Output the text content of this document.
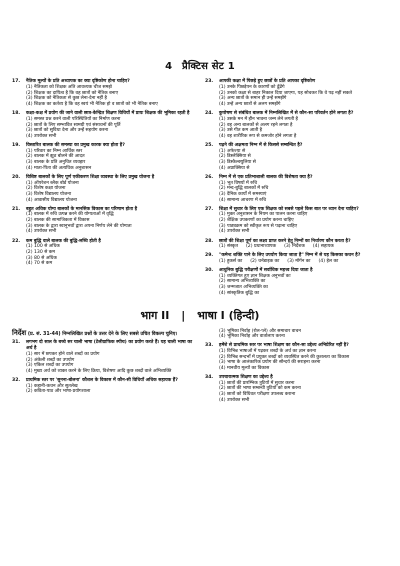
4 प्रैक्टिस सेट 1
17.	नैतिक मूल्यों के प्रति अध्यापक का क्या दृष्टिकोण होना चाहिए?
(1) नैतिकता को शिक्षक अति आवश्यक चीज समझे
(2) शिक्षक का दायित्व है कि वह छात्रों को नैतिक बनाए
(3) शिक्षक को नैतिकता से कुछ लेना-देना नहीं है
(4) शिक्षक का कर्तव्य है कि वह स्वयं भी नैतिक हो व छात्रों को भी नैतिक बनाए
18.	कक्षा-कक्ष में प्रयोग की जाने वाली छात्र-केन्द्रित शिक्षण विधियों में प्रायः शिक्षक की भूमिका रहती है
(1) समस्त प्रश्न करने वाली परिस्थितियों का निर्माण करना
(2) छात्रों के लिए सम्भावित सामग्री एवं संसाधनों की पूर्ति
(3) छात्रों को सुविधा देना और उन्हें सहयोग करना
(4) उपरोक्त सभी
19.	विस्तारित बालक की समस्या का प्रमुख कारक क्या होता है?
(1) परिवार का निम्न आर्थिक स्तर
(2) बालक में झूठ बोलने की आदत
(3) बालक के प्रति अनुचित व्यवहार
(4) माता-पिता की अत्यधिक अनुशासन
20.	विशिष्ट बालकों के लिए पूर्ण एकीकरण शिक्षा व्यवस्था के लिए प्रमुख योजना है
(1) ऑपरेशन ब्लैक बोर्ड योजना
(2) विशेष कक्षा योजना
(3) विशेष विद्यालय योजना
(4) आवासीय विद्यालय योजना
21.	बहुत अधिक योग्य बालकों के मानसिक विकास का परिणाम होता है
(1) बालक में रुचि उत्पन्न करने की योग्यताओं में वृद्धि
(2) बालक की सामाजिकता में विकास
(3) बालक के द्वारा स्वानुभवों द्वारा अपना निर्णय लेने की योग्यता
(4) उपरोक्त सभी
22.	कम बुद्धि वाले बालक की बुद्धि-लब्धि होती है
(1) 100 से अधिक
(2) 130 से कम
(3) 80 से अधिक
(4) 70 से कम
23.	आपकी कक्षा में पिछड़े हुए छात्रों के प्रति आपका दृष्टिकोण
(1) उनके पिछड़ेपन के कारणों को ढूँढेंगे
(2) उनको कक्षा से बाहर निकाल दिया जाएगा, यह सोचकर कि वे पढ़ नहीं सकते
(3) अन्य छात्रों के समान ही उन्हें समझेंगे
(4) उन्हें अन्य छात्रों से अलग समझेंगे
24.	कुपोषण से संबंधित बालक में निम्नलिखित में से कौन-सा परिवर्तन होने लगता है?
(1) उसके मन में हीन भावना जन्म लेने लगती है
(2) वह अन्य बालकों से अलग रहने लगता है
(3) उसे गीत कम आती है
(4) वह शारीरिक रूप से कमजोर होने लगता है
25.	पढ़ने की अक्षमता निम्न में से किससे सम्बन्धित है?
(1) अफेज्या से
(2) डिस्लेक्सिया से
(3) डिस्कैल्क्युलिया से
(4) अप्राक्सिया से
26.	निम्न में से एक प्रतिभाशाली बालक की विशेषता क्या है?
(1) भूत विषयों में रुचि
(2) मन्द-बुद्धि बालकों में रुचि
(3) दैनिक कार्यों में समस्याएं
(4) सामान्य आचरण में रुचि
27.	शिक्षा में सुधार के लिए एक शिक्षक को सबसे पहले किस बात पर ध्यान देना चाहिए?
(1) मुक्त अनुशासन के नियम का पालन करना चाहिए
(2) शैक्षिक उपकरणों का प्रयोग करना चाहिए
(3) पाठ्यक्रम को स्वीकृत रूप से पढ़ाना चाहिए
(4) उपरोक्त सभी
28.	छात्रों की शिक्षा पूर्ण का लक्ष्य प्राप्त करने हेतु निम्नों का निर्धारण कौन करता है?
(1) संस्कृत (2) प्रधानाध्यापक (3) निर्देशक (4) सहायक
29.	"कमेन्ट शक्ति पाने के लिए उपयोग किया जाता है" निम्न में से यह किसका कथन है?
(1) हुकर्स का (2) थर्नडाइक का (3) मॉर्गन का (4) हेल का
30.	आधुनिक बुद्धि परीक्षणों में सर्वाधिक महत्त्व दिया जाता है
(1) व्यक्तिगत हुए ज्ञान शिक्षक अनुभवों का
(2) सामान्य अभिव्यक्ति का
(3) जन्मजात अभिव्यक्ति का
(4) सांस्कृतिक बुद्धि का
भाग II | भाषा I (हिन्दी)
निर्देश (प्र. सं. 31-44) निम्नलिखित प्रश्नों के उत्तर देने के लिए सबसे उचित विकल्प चुनिए।
31.	लगभग दो साल के बच्चे सर चाली भाषा (टेलीग्राफिक स्पीच) का प्रयोग करते हैं। यह चाली भाषा का अर्थ है
(1) सार में छपकर होने वाले शब्दों का प्रयोग
(2) अंकेली शब्दों का उपयोग
(3) एकिल शब्दों का उपयोग
(4) मुख्य अर्थ को व्यक्त करने के लिए क्रिया, विशेषण आदि कुछ शब्दों वाले अभिव्यक्ति
32.	प्राथमिक स्तर पर 'सुनना-बोलना' कौशल के विकास में कौन-सी विधियाँ अधिक सहायक हैं?
(1) कहानी-कथन और सुतलेख
(2) कविता-पाठ और भाषा-प्रयोगशाला
(3) भूमिका निर्वाह (रोल-प्ले) और समाचार वाचन
(4) भूमिका निर्वाह और वार्तालाप करना
33.	हमेंशे से प्राथमिक स्तर पर भाषा शिक्षण का कौन-सा उद्देश्य अभिप्रेरित नहीं है?
(1) विभिन्न भाषाओं में पढ़कर शब्दों के अर्थ का ज्ञान करना
(2) विभिन्न सन्दर्भों में प्रयुक्त शब्दों को व्यवस्थित करने की कुशलता का विकास
(3) भाषा के आलंकारिक प्रयोग की सौन्दर्य की सराहना करना
(4) मानवीय मूल्यों का विकास
34.	उपचारात्मक शिक्षण का उद्देश्य है
(1) छात्रों की प्रारम्भिक त्रुटियों में सुधार करना
(2) छात्रों की भाषा सम्बन्धी त्रुटियों को कम करना
(3) छात्रों को विधिवत परीक्षण उपलब्ध कराना
(4) उपरोक्त सभी
